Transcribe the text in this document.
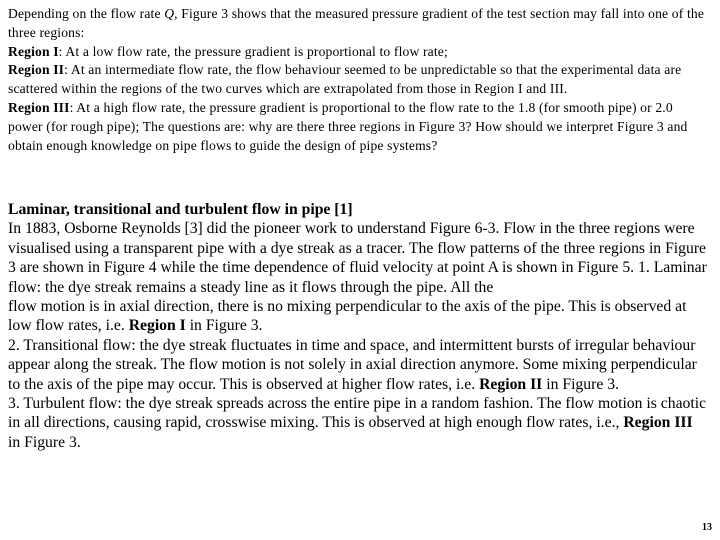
Depending on the flow rate Q, Figure 3 shows that the measured pressure gradient of the test section may fall into one of the three regions:

Region I: At a low flow rate, the pressure gradient is proportional to flow rate;

Region II: At an intermediate flow rate, the flow behaviour seemed to be unpredictable so that the experimental data are scattered within the regions of the two curves which are extrapolated from those in Region I and III.

Region III: At a high flow rate, the pressure gradient is proportional to the flow rate to the 1.8 (for smooth pipe) or 2.0 power (for rough pipe); The questions are: why are there three regions in Figure 3? How should we interpret Figure 3 and obtain enough knowledge on pipe flows to guide the design of pipe systems?

Laminar, transitional and turbulent flow in pipe [1]

In 1883, Osborne Reynolds [3] did the pioneer work to understand Figure 6-3. Flow in the three regions were visualised using a transparent pipe with a dye streak as a tracer. The flow patterns of the three regions in Figure 3 are shown in Figure 4 while the time dependence of fluid velocity at point A is shown in Figure 5. 1. Laminar flow: the dye streak remains a steady line as it flows through the pipe. All the

flow motion is in axial direction, there is no mixing perpendicular to the axis of the pipe. This is observed at low flow rates, i.e. Region I in Figure 3.

2. Transitional flow: the dye streak fluctuates in time and space, and intermittent bursts of irregular behaviour appear along the streak. The flow motion is not solely in axial direction anymore. Some mixing perpendicular to the axis of the pipe may occur. This is observed at higher flow rates, i.e. Region II in Figure 3.

3. Turbulent flow: the dye streak spreads across the entire pipe in a random fashion. The flow motion is chaotic in all directions, causing rapid, crosswise mixing. This is observed at high enough flow rates, i.e., Region III in Figure 3.

13
